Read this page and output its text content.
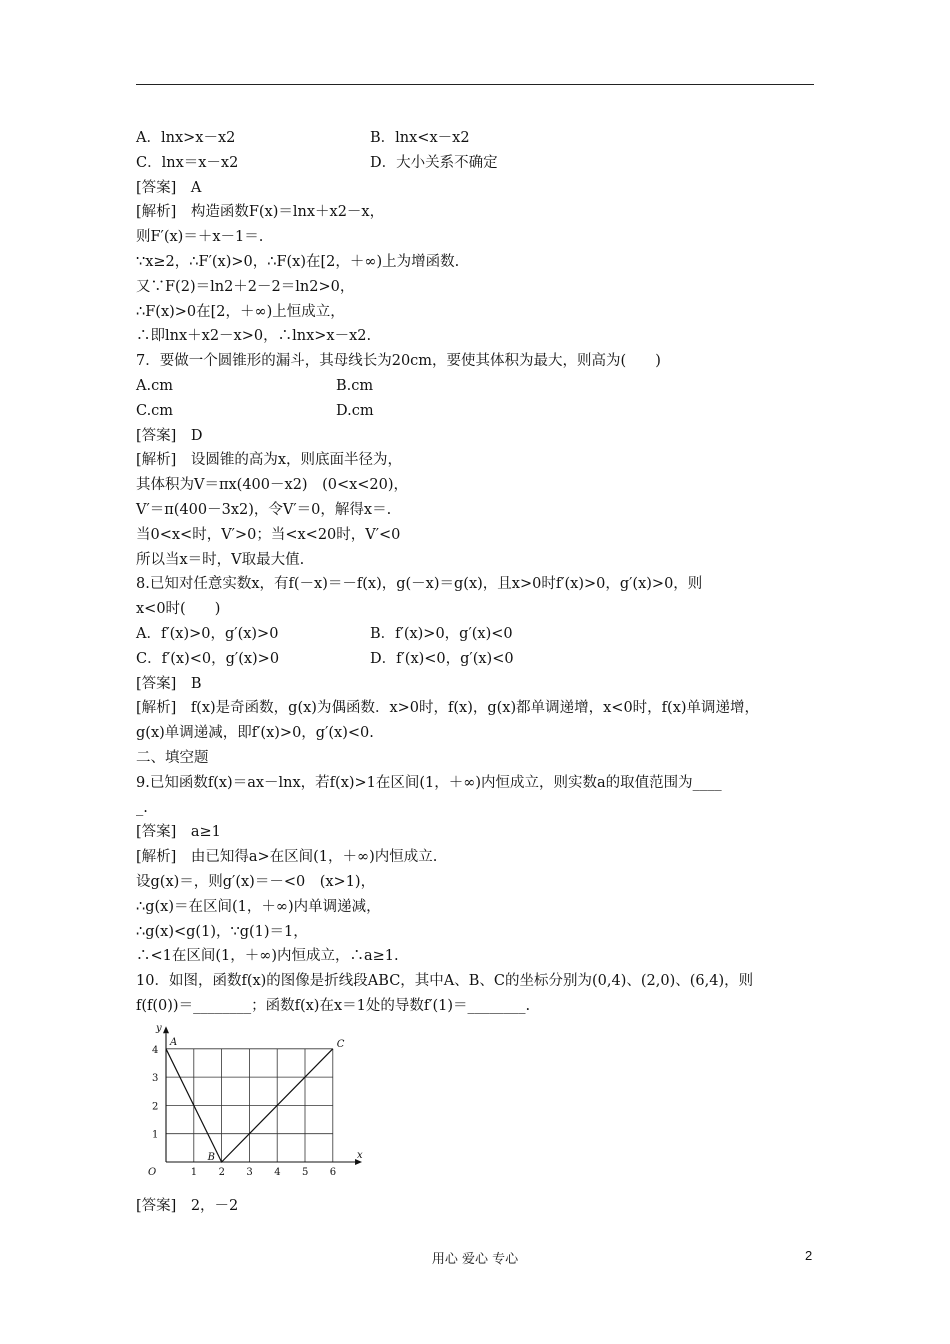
A．lnx>x－x2	B．lnx<x－x2
C．lnx＝x－x2	D．大小关系不确定
[答案]　A
[解析]　构造函数F(x)＝lnx＋x2－x，
则F′(x)＝＋x－1＝.
∵x≥2，∴F′(x)>0，∴F(x)在[2，＋∞)上为增函数.
又∵F(2)＝ln2＋2－2＝ln2>0，
∴F(x)>0在[2，＋∞)上恒成立，
∴即lnx＋x2－x>0，∴lnx>x－x2.
7．要做一个圆锥形的漏斗，其母线长为20cm，要使其体积为最大，则高为(　　)
A.cm	B.cm
C.cm	D.cm
[答案]　D
[解析]　设圆锥的高为x，则底面半径为，
其体积为V＝πx(400－x2)　(0<x<20)，
V′＝π(400－3x2)，令V′＝0，解得x＝.
当0<x<时，V′>0；当<x<20时，V′<0
所以当x＝时，V取最大值.
8.已知对任意实数x，有f(－x)＝－f(x)，g(－x)＝g(x)，且x>0时f′(x)>0，g′(x)>0，则
x<0时(　　)
A．f′(x)>0，g′(x)>0	B．f′(x)>0，g′(x)<0
C．f′(x)<0，g′(x)>0	D．f′(x)<0，g′(x)<0
[答案]　B
[解析]　f(x)是奇函数，g(x)为偶函数．x>0时，f(x)，g(x)都单调递增，x<0时，f(x)单调递增，
g(x)单调递减，即f′(x)>0，g′(x)<0.
二、填空题
9.已知函数f(x)＝ax－lnx，若f(x)>1在区间(1，＋∞)内恒成立，则实数a的取值范围为____
_.
[答案]　a≥1
[解析]　由已知得a>在区间(1，＋∞)内恒成立.
设g(x)＝，则g′(x)＝－<0　(x>1)，
∴g(x)＝在区间(1，＋∞)内单调递减，
∴g(x)<g(1)，∵g(1)＝1，
∴<1在区间(1，＋∞)内恒成立，∴a≥1.
10．如图，函数f(x)的图像是折线段ABC，其中A、B、C的坐标分别为(0,4)、(2,0)、(6,4)，则
f(f(0))＝________；函数f(x)在x＝1处的导数f′(1)＝________.
1 2 3 4 5 6
1
2
3
4
O
x
y
A
B
C
[答案]　2，－2
用心 爱心 专心	2
